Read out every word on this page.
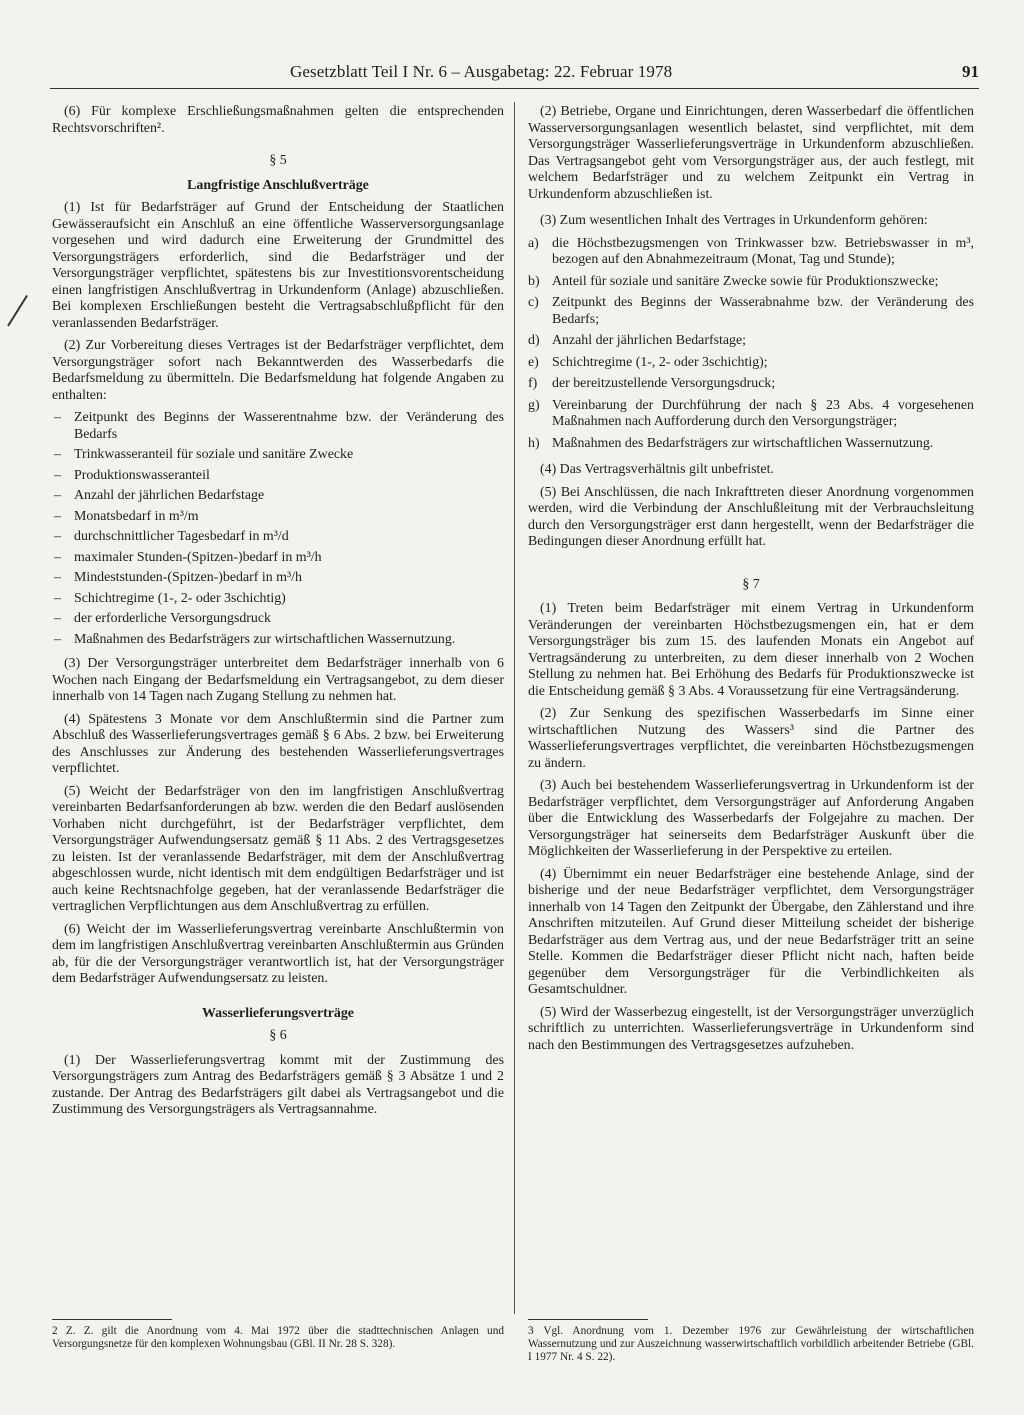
Gesetzblatt Teil I Nr. 6 – Ausgabetag: 22. Februar 1978	91

(6) Für komplexe Erschließungsmaßnahmen gelten die entsprechenden Rechtsvorschriften².

§ 5
Langfristige Anschlußverträge

(1) Ist für Bedarfsträger auf Grund der Entscheidung der Staatlichen Gewässeraufsicht ein Anschluß an eine öffentliche Wasserversorgungsanlage vorgesehen und wird dadurch eine Erweiterung der Grundmittel des Versorgungsträgers erforderlich, sind die Bedarfsträger und der Versorgungsträger verpflichtet, spätestens bis zur Investitionsvorentscheidung einen langfristigen Anschlußvertrag in Urkundenform (Anlage) abzuschließen. Bei komplexen Erschließungen besteht die Vertragsabschlußpflicht für den veranlassenden Bedarfsträger.

(2) Zur Vorbereitung dieses Vertrages ist der Bedarfsträger verpflichtet, dem Versorgungsträger sofort nach Bekanntwerden des Wasserbedarfs die Bedarfsmeldung zu übermitteln. Die Bedarfsmeldung hat folgende Angaben zu enthalten:

– Zeitpunkt des Beginns der Wasserentnahme bzw. der Veränderung des Bedarfs
– Trinkwasseranteil für soziale und sanitäre Zwecke
– Produktionswasseranteil
– Anzahl der jährlichen Bedarfstage
– Monatsbedarf in m³/m
– durchschnittlicher Tagesbedarf in m³/d
– maximaler Stunden-(Spitzen-)bedarf in m³/h
– Mindeststunden-(Spitzen-)bedarf in m³/h
– Schichtregime (1-, 2- oder 3schichtig)
– der erforderliche Versorgungsdruck
– Maßnahmen des Bedarfsträgers zur wirtschaftlichen Wassernutzung.

(3) Der Versorgungsträger unterbreitet dem Bedarfsträger innerhalb von 6 Wochen nach Eingang der Bedarfsmeldung ein Vertragsangebot, zu dem dieser innerhalb von 14 Tagen nach Zugang Stellung zu nehmen hat.

(4) Spätestens 3 Monate vor dem Anschlußtermin sind die Partner zum Abschluß des Wasserlieferungsvertrages gemäß § 6 Abs. 2 bzw. bei Erweiterung des Anschlusses zur Änderung des bestehenden Wasserlieferungsvertrages verpflichtet.

(5) Weicht der Bedarfsträger von den im langfristigen Anschlußvertrag vereinbarten Bedarfsanforderungen ab bzw. werden die den Bedarf auslösenden Vorhaben nicht durchgeführt, ist der Bedarfsträger verpflichtet, dem Versorgungsträger Aufwendungsersatz gemäß § 11 Abs. 2 des Vertragsgesetzes zu leisten. Ist der veranlassende Bedarfsträger, mit dem der Anschlußvertrag abgeschlossen wurde, nicht identisch mit dem endgültigen Bedarfsträger und ist auch keine Rechtsnachfolge gegeben, hat der veranlassende Bedarfsträger die vertraglichen Verpflichtungen aus dem Anschlußvertrag zu erfüllen.

(6) Weicht der im Wasserlieferungsvertrag vereinbarte Anschlußtermin von dem im langfristigen Anschlußvertrag vereinbarten Anschlußtermin aus Gründen ab, für die der Versorgungsträger verantwortlich ist, hat der Versorgungsträger dem Bedarfsträger Aufwendungsersatz zu leisten.

Wasserlieferungsverträge
§ 6

(1) Der Wasserlieferungsvertrag kommt mit der Zustimmung des Versorgungsträgers zum Antrag des Bedarfsträgers gemäß § 3 Absätze 1 und 2 zustande. Der Antrag des Bedarfsträgers gilt dabei als Vertragsangebot und die Zustimmung des Versorgungsträgers als Vertragsannahme.

(2) Betriebe, Organe und Einrichtungen, deren Wasserbedarf die öffentlichen Wasserversorgungsanlagen wesentlich belastet, sind verpflichtet, mit dem Versorgungsträger Wasserlieferungsverträge in Urkundenform abzuschließen. Das Vertragsangebot geht vom Versorgungsträger aus, der auch festlegt, mit welchem Bedarfsträger und zu welchem Zeitpunkt ein Vertrag in Urkundenform abzuschließen ist.

(3) Zum wesentlichen Inhalt des Vertrages in Urkundenform gehören:

a) die Höchstbezugsmengen von Trinkwasser bzw. Betriebswasser in m³, bezogen auf den Abnahmezeitraum (Monat, Tag und Stunde);
b) Anteil für soziale und sanitäre Zwecke sowie für Produktionszwecke;
c) Zeitpunkt des Beginns der Wasserabnahme bzw. der Veränderung des Bedarfs;
d) Anzahl der jährlichen Bedarfstage;
e) Schichtregime (1-, 2- oder 3schichtig);
f) der bereitzustellende Versorgungsdruck;
g) Vereinbarung der Durchführung der nach § 23 Abs. 4 vorgesehenen Maßnahmen nach Aufforderung durch den Versorgungsträger;
h) Maßnahmen des Bedarfsträgers zur wirtschaftlichen Wassernutzung.

(4) Das Vertragsverhältnis gilt unbefristet.

(5) Bei Anschlüssen, die nach Inkrafttreten dieser Anordnung vorgenommen werden, wird die Verbindung der Anschlußleitung mit der Verbrauchsleitung durch den Versorgungsträger erst dann hergestellt, wenn der Bedarfsträger die Bedingungen dieser Anordnung erfüllt hat.

§ 7

(1) Treten beim Bedarfsträger mit einem Vertrag in Urkundenform Veränderungen der vereinbarten Höchstbezugsmengen ein, hat er dem Versorgungsträger bis zum 15. des laufenden Monats ein Angebot auf Vertragsänderung zu unterbreiten, zu dem dieser innerhalb von 2 Wochen Stellung zu nehmen hat. Bei Erhöhung des Bedarfs für Produktionszwecke ist die Entscheidung gemäß § 3 Abs. 4 Voraussetzung für eine Vertragsänderung.

(2) Zur Senkung des spezifischen Wasserbedarfs im Sinne einer wirtschaftlichen Nutzung des Wassers³ sind die Partner des Wasserlieferungsvertrages verpflichtet, die vereinbarten Höchstbezugsmengen zu ändern.

(3) Auch bei bestehendem Wasserlieferungsvertrag in Urkundenform ist der Bedarfsträger verpflichtet, dem Versorgungsträger auf Anforderung Angaben über die Entwicklung des Wasserbedarfs der Folgejahre zu machen. Der Versorgungsträger hat seinerseits dem Bedarfsträger Auskunft über die Möglichkeiten der Wasserlieferung in der Perspektive zu erteilen.

(4) Übernimmt ein neuer Bedarfsträger eine bestehende Anlage, sind der bisherige und der neue Bedarfsträger verpflichtet, dem Versorgungsträger innerhalb von 14 Tagen den Zeitpunkt der Übergabe, den Zählerstand und ihre Anschriften mitzuteilen. Auf Grund dieser Mitteilung scheidet der bisherige Bedarfsträger aus dem Vertrag aus, und der neue Bedarfsträger tritt an seine Stelle. Kommen die Bedarfsträger dieser Pflicht nicht nach, haften beide gegenüber dem Versorgungsträger für die Verbindlichkeiten als Gesamtschuldner.

(5) Wird der Wasserbezug eingestellt, ist der Versorgungsträger unverzüglich schriftlich zu unterrichten. Wasserlieferungsverträge in Urkundenform sind nach den Bestimmungen des Vertragsgesetzes aufzuheben.

2 Z. Z. gilt die Anordnung vom 4. Mai 1972 über die stadttechnischen Anlagen und Versorgungsnetze für den komplexen Wohnungsbau (GBl. II Nr. 28 S. 328).
3 Vgl. Anordnung vom 1. Dezember 1976 zur Gewährleistung der wirtschaftlichen Wassernutzung und zur Auszeichnung wasserwirtschaftlich vorbildlich arbeitender Betriebe (GBl. I 1977 Nr. 4 S. 22).
